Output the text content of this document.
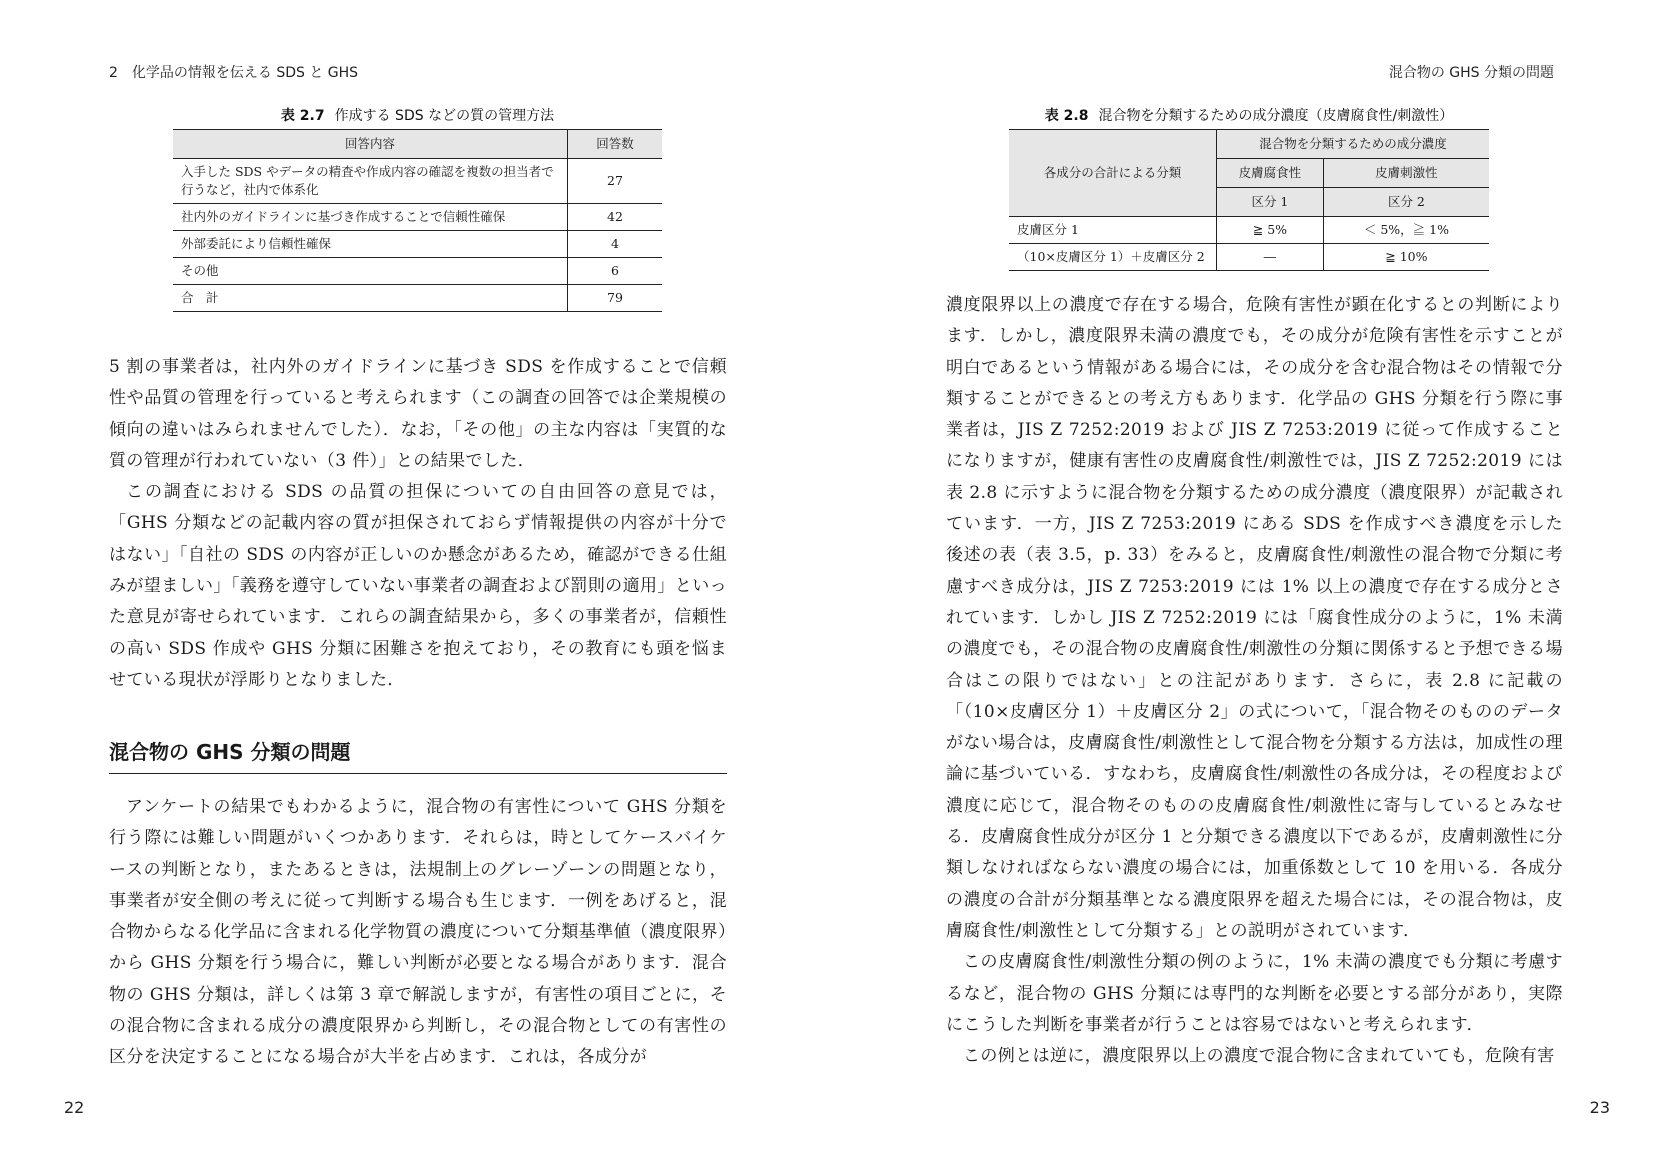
2　化学品の情報を伝える SDS と GHS
表 2.7 作成する SDS などの質の管理方法
回答内容	回答数
入手した SDS やデータの精査や作成内容の確認を複数の担当者で行うなど，社内で体系化	27
社内外のガイドラインに基づき作成することで信頼性確保	42
外部委託により信頼性確保	4
その他	6
合　計	79

5 割の事業者は，社内外のガイドラインに基づき SDS を作成することで信頼性や品質の管理を行っていると考えられます（この調査の回答では企業規模の傾向の違いはみられませんでした）．なお，「その他」の主な内容は「実質的な質の管理が行われていない（3 件）」との結果でした．

この調査における SDS の品質の担保についての自由回答の意見では，「GHS 分類などの記載内容の質が担保されておらず情報提供の内容が十分ではない」「自社の SDS の内容が正しいのか懸念があるため，確認ができる仕組みが望ましい」「義務を遵守していない事業者の調査および罰則の適用」といった意見が寄せられています．これらの調査結果から，多くの事業者が，信頼性の高い SDS 作成や GHS 分類に困難さを抱えており，その教育にも頭を悩ませている現状が浮彫りとなりました．

混合物の GHS 分類の問題

アンケートの結果でもわかるように，混合物の有害性について GHS 分類を行う際には難しい問題がいくつかあります．それらは，時としてケースバイケースの判断となり，またあるときは，法規制上のグレーゾーンの問題となり，事業者が安全側の考えに従って判断する場合も生じます．一例をあげると，混合物からなる化学品に含まれる化学物質の濃度について分類基準値（濃度限界）から GHS 分類を行う場合に，難しい判断が必要となる場合があります．混合物の GHS 分類は，詳しくは第 3 章で解説しますが，有害性の項目ごとに，その混合物に含まれる成分の濃度限界から判断し，その混合物としての有害性の区分を決定することになる場合が大半を占めます．これは，各成分が

22
混合物の GHS 分類の問題
表 2.8 混合物を分類するための成分濃度（皮膚腐食性/刺激性）
各成分の合計による分類	混合物を分類するための成分濃度	
	皮膚腐食性	皮膚刺激性
	区分 1	区分 2
皮膚区分 1	≧ 5%	＜ 5%，≧ 1%
（10×皮膚区分 1）＋皮膚区分 2	―	≧ 10%

濃度限界以上の濃度で存在する場合，危険有害性が顕在化するとの判断によります．しかし，濃度限界未満の濃度でも，その成分が危険有害性を示すことが明白であるという情報がある場合には，その成分を含む混合物はその情報で分類することができるとの考え方もあります．化学品の GHS 分類を行う際に事業者は，JIS Z 7252:2019 および JIS Z 7253:2019 に従って作成することになりますが，健康有害性の皮膚腐食性/刺激性では，JIS Z 7252:2019 には表 2.8 に示すように混合物を分類するための成分濃度（濃度限界）が記載されています．一方，JIS Z 7253:2019 にある SDS を作成すべき濃度を示した後述の表（表 3.5，p. 33）をみると，皮膚腐食性/刺激性の混合物で分類に考慮すべき成分は，JIS Z 7253:2019 には 1% 以上の濃度で存在する成分とされています．しかし JIS Z 7252:2019 には「腐食性成分のように，1% 未満の濃度でも，その混合物の皮膚腐食性/刺激性の分類に関係すると予想できる場合はこの限りではない」との注記があります．さらに，表 2.8 に記載の「（10×皮膚区分 1）＋皮膚区分 2」の式について，「混合物そのもののデータがない場合は，皮膚腐食性/刺激性として混合物を分類する方法は，加成性の理論に基づいている．すなわち，皮膚腐食性/刺激性の各成分は，その程度および濃度に応じて，混合物そのものの皮膚腐食性/刺激性に寄与しているとみなせる．皮膚腐食性成分が区分 1 と分類できる濃度以下であるが，皮膚刺激性に分類しなければならない濃度の場合には，加重係数として 10 を用いる．各成分の濃度の合計が分類基準となる濃度限界を超えた場合には，その混合物は，皮膚腐食性/刺激性として分類する」との説明がされています．

この皮膚腐食性/刺激性分類の例のように，1% 未満の濃度でも分類に考慮するなど，混合物の GHS 分類には専門的な判断を必要とする部分があり，実際にこうした判断を事業者が行うことは容易ではないと考えられます．

この例とは逆に，濃度限界以上の濃度で混合物に含まれていても，危険有害

23
